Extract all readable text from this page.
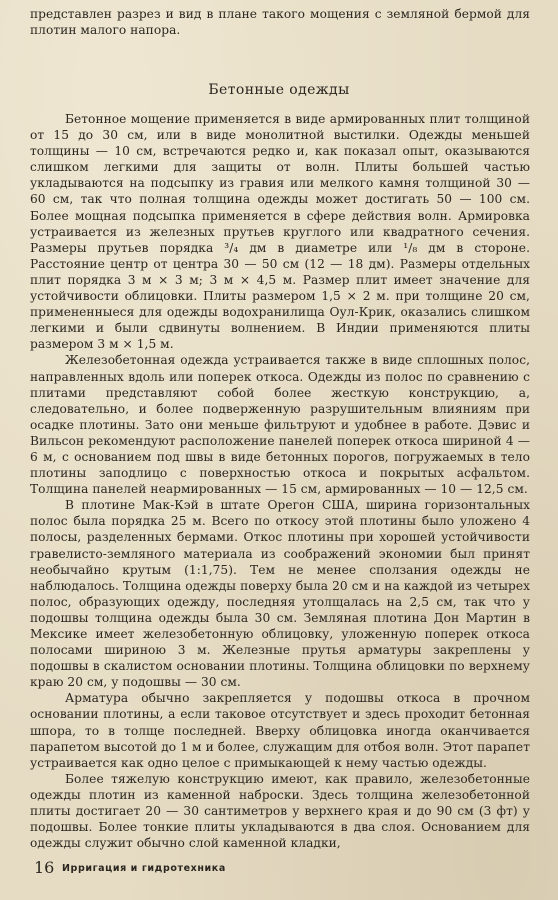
представлен разрез и вид в плане такого мощения с земляной бермой для плотин малого напора.

Бетонные одежды

Бетонное мощение применяется в виде армированных плит толщиной от 15 до 30 см, или в виде монолитной выстилки. Одежды меньшей толщины — 10 см, встречаются редко и, как показал опыт, оказываются слишком легкими для защиты от волн. Плиты большей частью укладываются на подсыпку из гравия или мелкого камня толщиной 30 — 60 см, так что полная толщина одежды может достигать 50 — 100 см. Более мощная подсыпка применяется в сфере действия волн. Армировка устраивается из железных прутьев круглого или квадратного сечения. Размеры прутьев порядка ³/₄ дм в диаметре или ¹/₈ дм в стороне. Расстояние центр от центра 30 — 50 см (12 — 18 дм). Размеры отдельных плит порядка 3 м × 3 м; 3 м × 4,5 м. Размер плит имеет значение для устойчивости облицовки. Плиты размером 1,5 × 2 м. при толщине 20 см, примененныеся для одежды водохранилища Оул-Крик, оказались слишком легкими и были сдвинуты волнением. В Индии применяются плиты размером 3 м × 1,5 м.

Железобетонная одежда устраивается также в виде сплошных полос, направленных вдоль или поперек откоса. Одежды из полос по сравнению с плитами представляют собой более жесткую конструкцию, а, следовательно, и более подверженную разрушительным влияниям при осадке плотины. Зато они меньше фильтруют и удобнее в работе. Дэвис и Вильсон рекомендуют расположение панелей поперек откоса шириной 4 — 6 м, с основанием под швы в виде бетонных порогов, погружаемых в тело плотины заподлицо с поверхностью откоса и покрытых асфальтом. Толщина панелей неармированных — 15 см, армированных — 10 — 12,5 см.

В плотине Мак-Кэй в штате Орегон США, ширина горизонтальных полос была порядка 25 м. Всего по откосу этой плотины было уложено 4 полосы, разделенных бермами. Откос плотины при хорошей устойчивости гравелисто-земляного материала из соображений экономии был принят необычайно крутым (1:1,75). Тем не менее сползания одежды не наблюдалось. Толщина одежды поверху была 20 см и на каждой из четырех полос, образующих одежду, последняя утолщалась на 2,5 см, так что у подошвы толщина одежды была 30 см. Земляная плотина Дон Мартин в Мексике имеет железобетонную облицовку, уложенную поперек откоса полосами шириною 3 м. Железные прутья арматуры закреплены у подошвы в скалистом основании плотины. Толщина облицовки по верхнему краю 20 см, у подошвы — 30 см.

Арматура обычно закрепляется у подошвы откоса в прочном основании плотины, а если таковое отсутствует и здесь проходит бетонная шпора, то в толще последней. Вверху облицовка иногда оканчивается парапетом высотой до 1 м и более, служащим для отбоя волн. Этот парапет устраивается как одно целое с примыкающей к нему частью одежды.

Более тяжелую конструкцию имеют, как правило, железобетонные одежды плотин из каменной наброски. Здесь толщина железобетонной плиты достигает 20 — 30 сантиметров у верхнего края и до 90 см (3 фт) у подошвы. Более тонкие плиты укладываются в два слоя. Основанием для одежды служит обычно слой каменной кладки,

16 Ирригация и гидротехника
